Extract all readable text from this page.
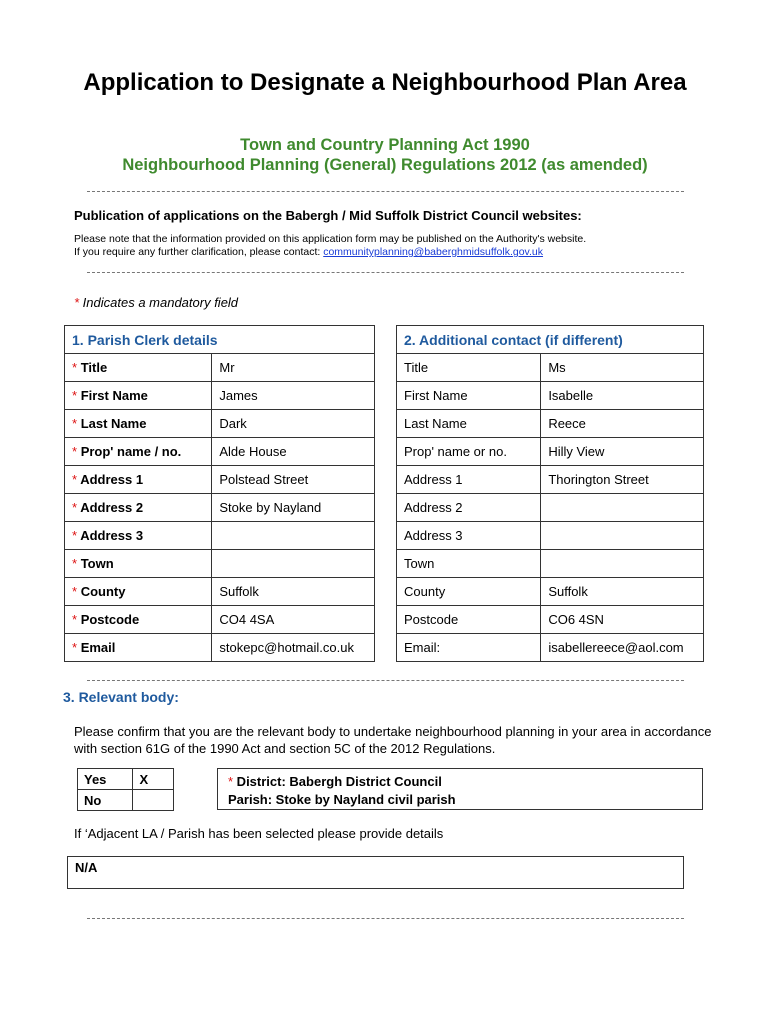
Application to Designate a Neighbourhood Plan Area
Town and Country Planning Act 1990
Neighbourhood Planning (General) Regulations 2012 (as amended)
Publication of applications on the Babergh / Mid Suffolk District Council websites:
Please note that the information provided on this application form may be published on the Authority's website.
If you require any further clarification, please contact: communityplanning@baberghmidsuffolk.gov.uk
* Indicates a mandatory field
1. Parish Clerk details	
* Title	Mr
* First Name	James
* Last Name	Dark
* Prop' name / no.	Alde House
* Address 1	Polstead Street
* Address 2	Stoke by Nayland
* Address 3	
* Town	
* County	Suffolk
* Postcode	CO4 4SA
* Email	stokepc@hotmail.co.uk
2. Additional contact (if different)	
Title	Ms
First Name	Isabelle
Last Name	Reece
Prop' name or no.	Hilly View
Address 1	Thorington Street
Address 2	
Address 3	
Town	
County	Suffolk
Postcode	CO6 4SN
Email:	isabellereece@aol.com
3. Relevant body:
Please confirm that you are the relevant body to undertake neighbourhood planning in your area in accordance with section 61G of the 1990 Act and section 5C of the 2012 Regulations.
Yes	X
No	
* District: Babergh District Council
Parish: Stoke by Nayland civil parish
If ‘Adjacent LA / Parish has been selected please provide details
N/A
